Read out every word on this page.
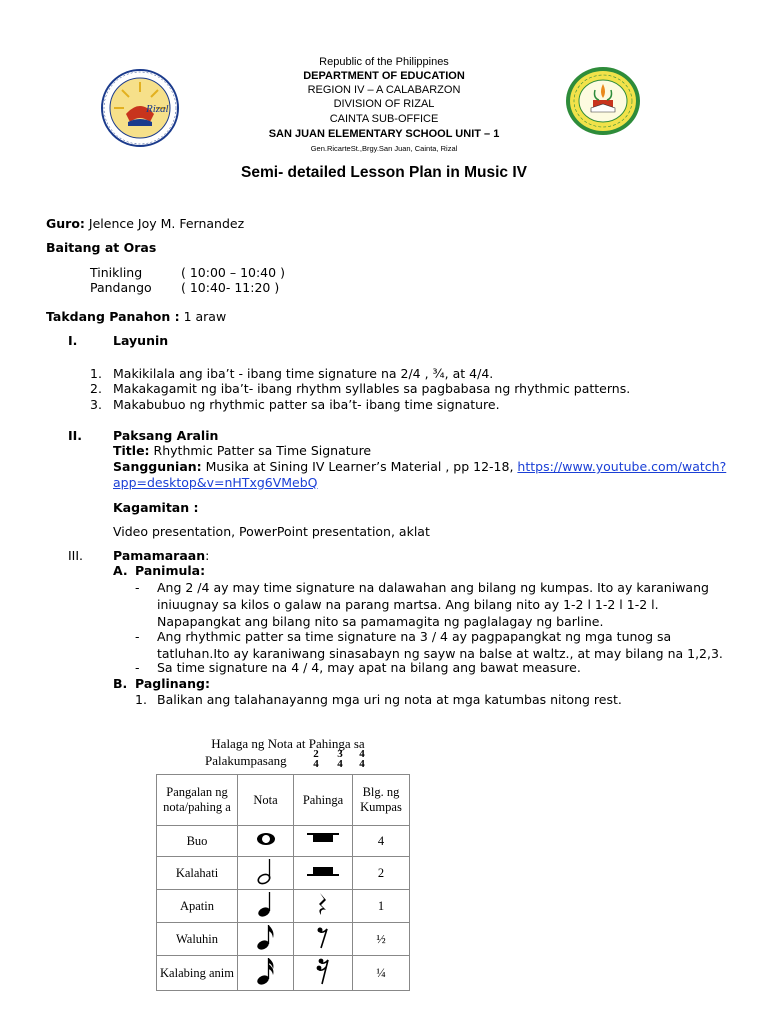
Rizal
Republic of the Philippines
DEPARTMENT OF EDUCATION
REGION IV – A CALABARZON
DIVISION OF RIZAL
CAINTA SUB-OFFICE
SAN JUAN ELEMENTARY SCHOOL UNIT – 1
Gen.RicarteSt.,Brgy.San Juan, Cainta, Rizal
Semi- detailed Lesson Plan in Music IV
Guro: Jelence Joy M. Fernandez
Baitang at Oras
Tinikling	( 10:00 – 10:40 )
Pandango ( 10:40- 11:20 )
Takdang Panahon : 1 araw
I.	Layunin
1. Makikilala ang iba’t - ibang time signature na 2/4 , ¾, at 4/4.
2. Makakagamit ng iba’t- ibang rhythm syllables sa pagbabasa ng rhythmic patterns.
3. Makabubuo ng rhythmic patter sa iba’t- ibang time signature.
II. Paksang Aralin
Title: Rhythmic Patter sa Time Signature
Sanggunian: Musika at Sining IV Learner’s Material , pp 12-18, https://www.youtube.com/watch?
app=desktop&v=nHTxg6VMebQ
Kagamitan :
Video presentation, PowerPoint presentation, aklat
III. Pamamaraan:
A. Panimula:
- Ang 2 /4 ay may time signature na dalawahan ang bilang ng kumpas. Ito ay karaniwang
iniuugnay sa kilos o galaw na parang martsa. Ang bilang nito ay 1-2 l 1-2 l 1-2 l.
Napapangkat ang bilang nito sa pamamagita ng paglalagay ng barline.
- Ang rhythmic patter sa time signature na 3 / 4 ay pagpapangkat ng mga tunog sa
tatluhan.Ito ay karaniwang sinasabayn ng sayw na balse at waltz., at may bilang na 1,2,3.
- Sa time signature na 4 / 4, may apat na bilang ang bawat measure.
B. Paglinang:
1. Balikan ang talahanayanng mga uri ng nota at mga katumbas nitong rest.
Halaga ng Nota at Pahinga sa
Palakumpasang 2
4
3
4
4
4
Pangalan ng nota/pahing a	Nota	Pahinga	Blg. ng Kumpas
Buo			4
Kalahati			2
Apatin			1
Waluhin			½
Kalabing anim			¼
